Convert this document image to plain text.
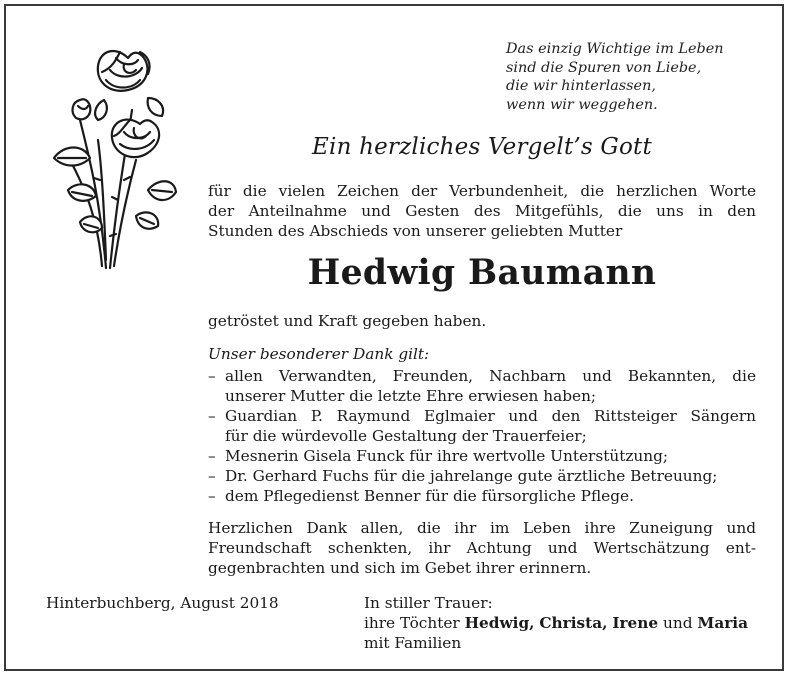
Das einzig Wichtige im Leben
sind die Spuren von Liebe,
die wir hinterlassen,
wenn wir weggehen.
Ein herzliches Vergelt’s Gott
für die vielen Zeichen der Verbundenheit, die herzlichen Worte
der Anteilnahme und Gesten des Mitgefühls, die uns in den
Stunden des Abschieds von unserer geliebten Mutter
Hedwig Baumann
getröstet und Kraft gegeben haben.
Unser besonderer Dank gilt:
– allen Verwandten, Freunden, Nachbarn und Bekannten, die
unserer Mutter die letzte Ehre erwiesen haben;
– Guardian P. Raymund Eglmaier und den Rittsteiger Sängern
für die würdevolle Gestaltung der Trauerfeier;
– Mesnerin Gisela Funck für ihre wertvolle Unterstützung;
– Dr. Gerhard Fuchs für die jahrelange gute ärztliche Betreuung;
– dem Pflegedienst Benner für die fürsorgliche Pflege.
Herzlichen Dank allen, die ihr im Leben ihre Zuneigung und
Freundschaft schenkten, ihr Achtung und Wertschätzung ent-
gegenbrachten und sich im Gebet ihrer erinnern.
Hinterbuchberg, August 2018	In stiller Trauer:
ihre Töchter Hedwig, Christa, Irene und Maria
mit Familien
